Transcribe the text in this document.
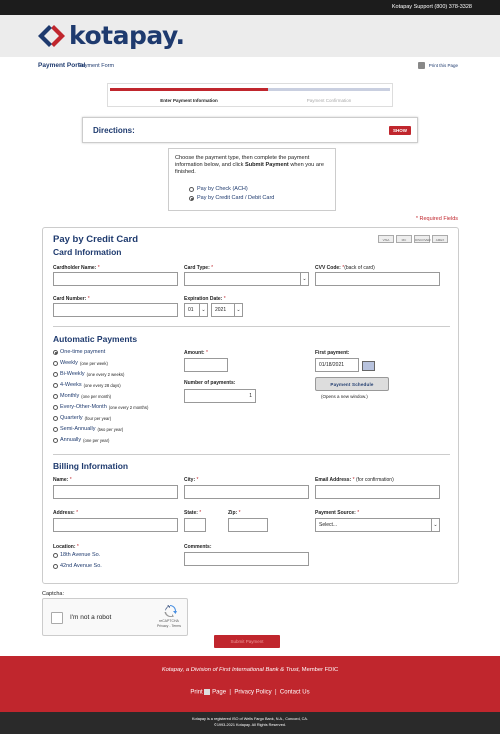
Kotapay Support (800) 378-3328
kotapay.
Payment Portal
Payment Form	Print this Page
Enter Payment Information	Payment Confirmation
Directions:	SHOW
Choose the payment type, then complete the payment information below, and click Submit Payment when you are finished.
Pay by Check (ACH)
Pay by Credit Card / Debit Card
* Required Fields
Pay by Credit Card
Card Information
VISA	MC	DISCOVER	AMEX
Cardholder Name: *	Card Type: *
⌄
CVV Code: *(back of card)
Card Number: *	Expiration Date: *
01	⌄	2021	⌄
Automatic Payments
One-time payment
Weekly (one per week)
Bi-Weekly (one every 2 weeks)
4-Weeks (one every 28 days)
Monthly (one per month)
Every-Other-Month (one every 2 months)
Quarterly (four per year)
Semi-Annually (two per year)
Annually (one per year)
Amount: *
Number of payments:
1
First payment:
01/18/2021
Payment Schedule
(Opens a new window.)
Billing Information
Name: *	City: *	Email Address: * (for confirmation)
Address: *	State: *	Zip: *	Payment Source: *
Select...	⌄
Location: *
18th Avenue So.
42nd Avenue So.
Comments:
Captcha:
I'm not a robot	reCAPTCHA
Privacy - Terms
Submit Payment
Kotapay, a Division of First International Bank & Trust, Member FDIC
Print Page  |  Privacy Policy  |  Contact Us
Kotapay is a registered ISO of Wells Fargo Bank, N.A., Concord, CA.
©1993-2021 Kotapay. All Rights Reserved.
